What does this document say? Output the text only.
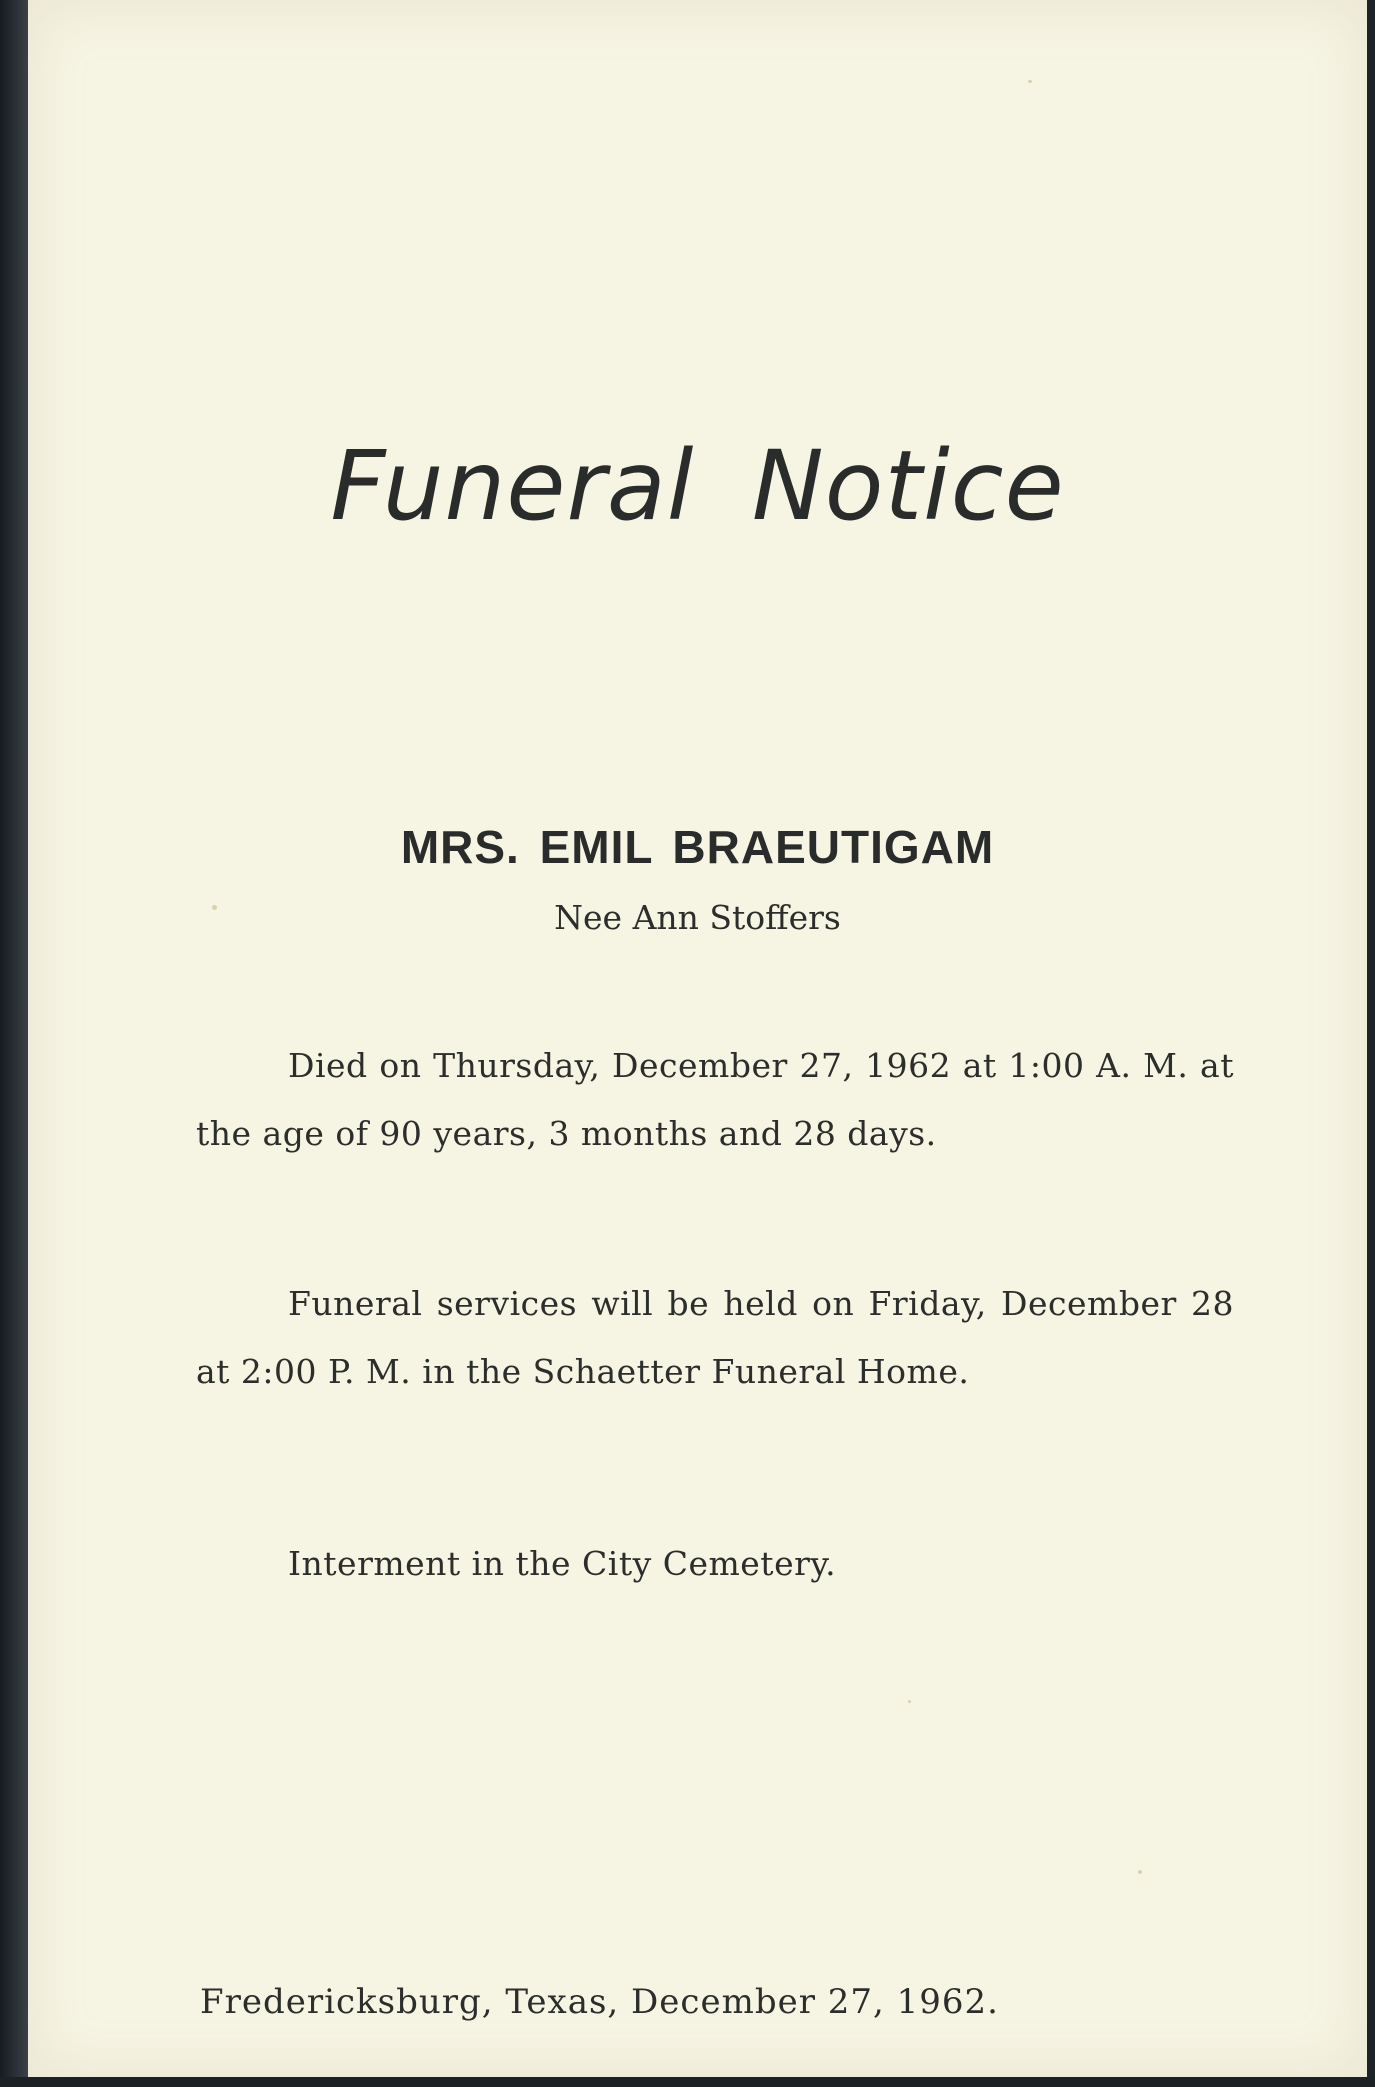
Funeral Notice
MRS. EMIL BRAEUTIGAM
Nee Ann Stoffers

Died on Thursday, December 27, 1962 at 1:00 A. M. at the age of 90 years, 3 months and 28 days.

Funeral services will be held on Friday, December 28 at 2:00 P. M. in the Schaetter Funeral Home.

Interment in the City Cemetery.

Fredericksburg, Texas, December 27, 1962.
